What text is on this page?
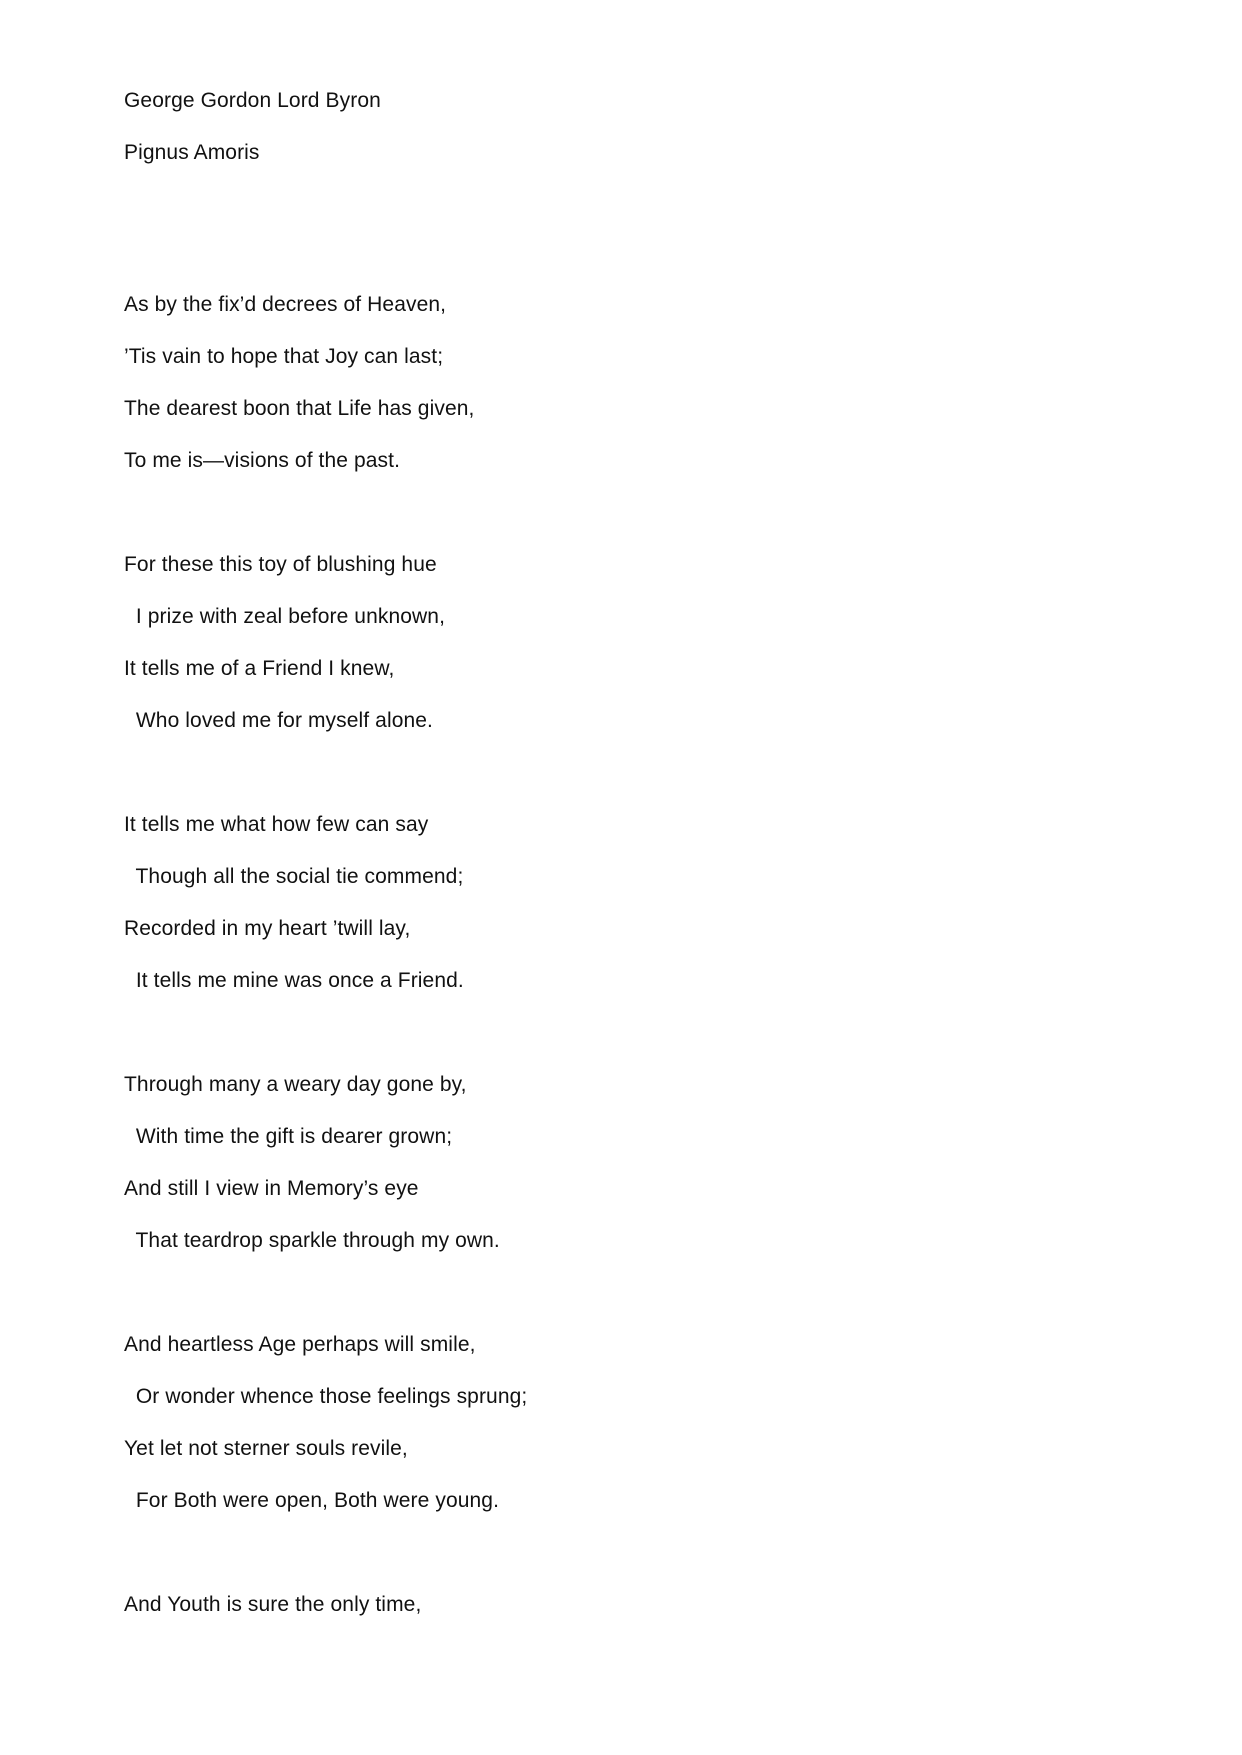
George Gordon Lord Byron
Pignus Amoris
As by the fix’d decrees of Heaven,
’Tis vain to hope that Joy can last;
The dearest boon that Life has given,
To me is—visions of the past.
For these this toy of blushing hue
I prize with zeal before unknown,
It tells me of a Friend I knew,
Who loved me for myself alone.
It tells me what how few can say
Though all the social tie commend;
Recorded in my heart ’twill lay,
It tells me mine was once a Friend.
Through many a weary day gone by,
With time the gift is dearer grown;
And still I view in Memory’s eye
That teardrop sparkle through my own.
And heartless Age perhaps will smile,
Or wonder whence those feelings sprung;
Yet let not sterner souls revile,
For Both were open, Both were young.
And Youth is sure the only time,
